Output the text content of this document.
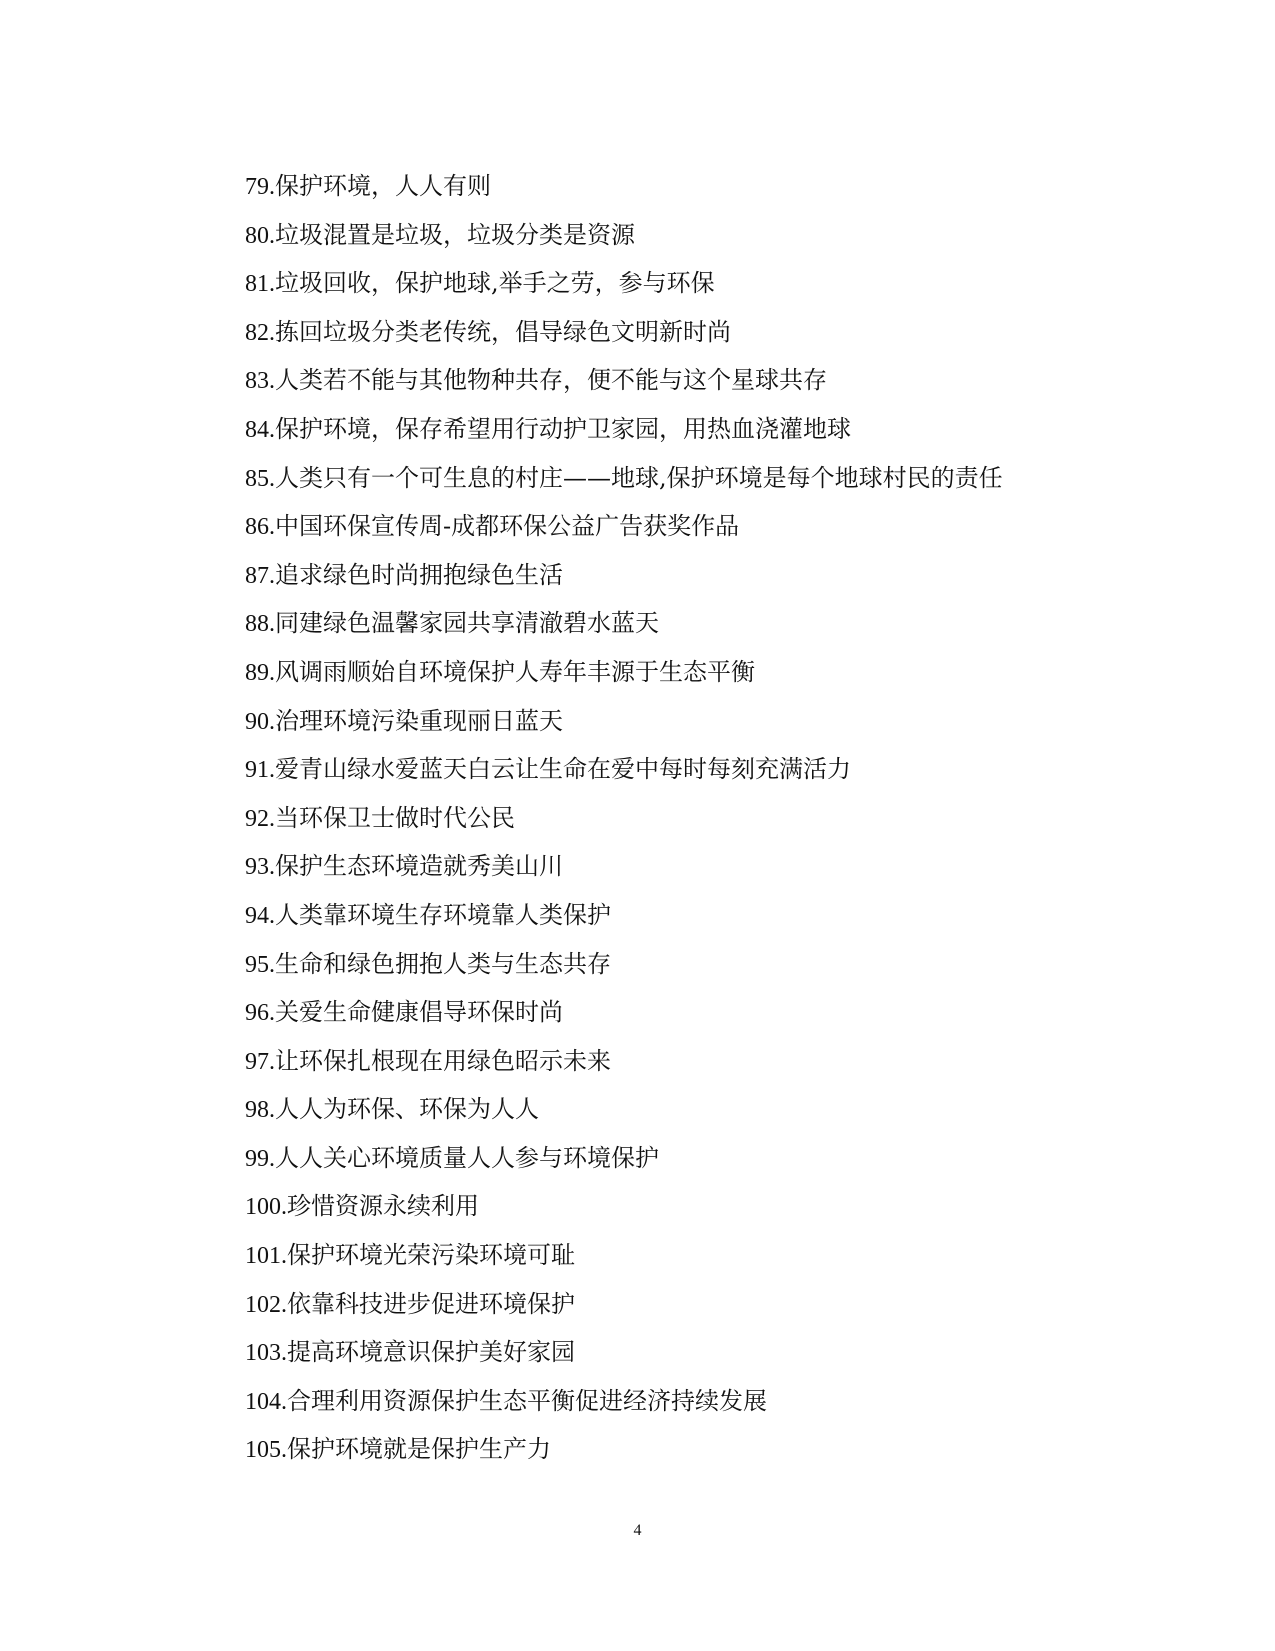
79.保护环境，人人有则
80.垃圾混置是垃圾，垃圾分类是资源
81.垃圾回收，保护地球,举手之劳，参与环保
82.拣回垃圾分类老传统，倡导绿色文明新时尚
83.人类若不能与其他物种共存，便不能与这个星球共存
84.保护环境，保存希望用行动护卫家园，用热血浇灌地球
85.人类只有一个可生息的村庄——地球,保护环境是每个地球村民的责任
86.中国环保宣传周-成都环保公益广告获奖作品
87.追求绿色时尚拥抱绿色生活
88.同建绿色温馨家园共享清澈碧水蓝天
89.风调雨顺始自环境保护人寿年丰源于生态平衡
90.治理环境污染重现丽日蓝天
91.爱青山绿水爱蓝天白云让生命在爱中每时每刻充满活力
92.当环保卫士做时代公民
93.保护生态环境造就秀美山川
94.人类靠环境生存环境靠人类保护
95.生命和绿色拥抱人类与生态共存
96.关爱生命健康倡导环保时尚
97.让环保扎根现在用绿色昭示未来
98.人人为环保、环保为人人
99.人人关心环境质量人人参与环境保护
100.珍惜资源永续利用
101.保护环境光荣污染环境可耻
102.依靠科技进步促进环境保护
103.提高环境意识保护美好家园
104.合理利用资源保护生态平衡促进经济持续发展
105.保护环境就是保护生产力
4
